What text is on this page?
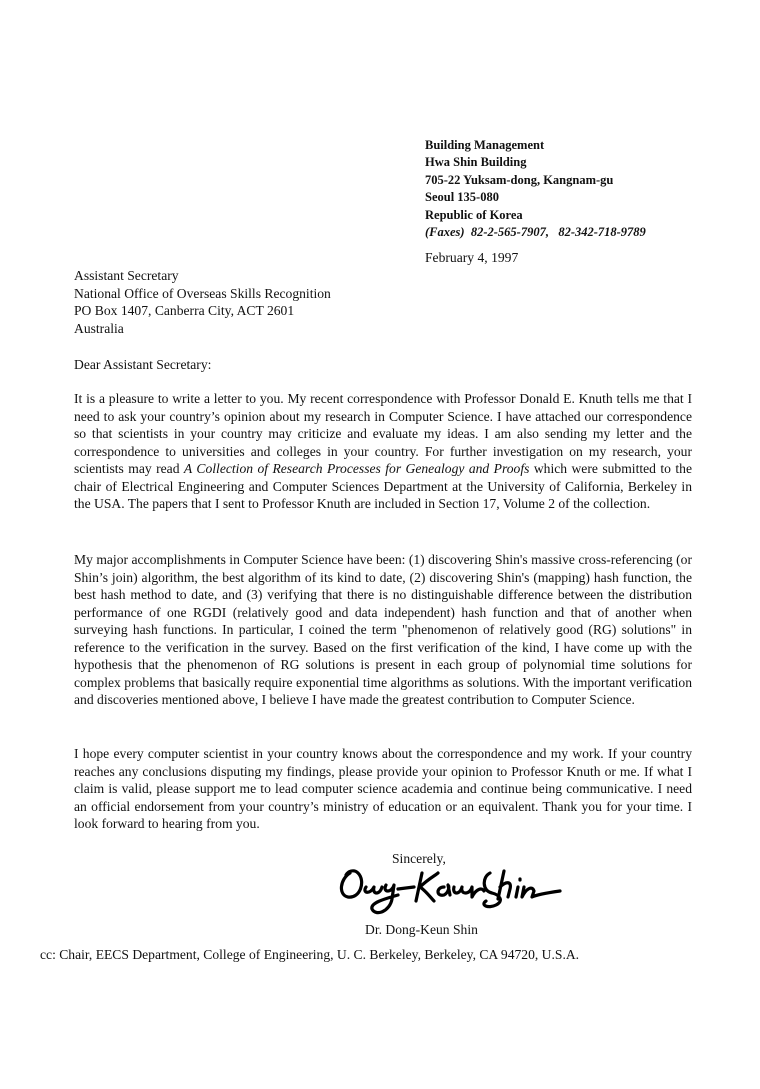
Building Management
Hwa Shin Building
705-22 Yuksam-dong, Kangnam-gu
Seoul 135-080
Republic of Korea
(Faxes) 82-2-565-7907,   82-342-718-9789
February 4, 1997
Assistant Secretary
National Office of Overseas Skills Recognition
PO Box 1407, Canberra City, ACT 2601
Australia
Dear Assistant Secretary:

It is a pleasure to write a letter to you. My recent correspondence with Professor Donald E. Knuth tells me that I need to ask your country’s opinion about my research in Computer Science. I have attached our correspondence so that scientists in your country may criticize and evaluate my ideas. I am also sending my letter and the correspondence to universities and colleges in your country. For further investigation on my research, your scientists may read A Collection of Research Processes for Genealogy and Proofs which were submitted to the chair of Electrical Engineering and Computer Sciences Department at the University of California, Berkeley in the USA. The papers that I sent to Professor Knuth are included in Section 17, Volume 2 of the collection.

My major accomplishments in Computer Science have been: (1) discovering Shin's massive cross-referencing (or Shin’s join) algorithm, the best algorithm of its kind to date, (2) discovering Shin's (mapping) hash function, the best hash method to date, and (3) verifying that there is no distinguishable difference between the distribution performance of one RGDI (relatively good and data independent) hash function and that of another when surveying hash functions. In particular, I coined the term "phenomenon of relatively good (RG) solutions" in reference to the verification in the survey. Based on the first verification of the kind, I have come up with the hypothesis that the phenomenon of RG solutions is present in each group of polynomial time solutions for complex problems that basically require exponential time algorithms as solutions. With the important verification and discoveries mentioned above, I believe I have made the greatest contribution to Computer Science.

I hope every computer scientist in your country knows about the correspondence and my work. If your country reaches any conclusions disputing my findings, please provide your opinion to Professor Knuth or me. If what I claim is valid, please support me to lead computer science academia and continue being communicative. I need an official endorsement from your country’s ministry of education or an equivalent. Thank you for your time. I look forward to hearing from you.

Sincerely,
Dr. Dong-Keun Shin
cc: Chair, EECS Department, College of Engineering, U. C. Berkeley, Berkeley, CA 94720, U.S.A.
